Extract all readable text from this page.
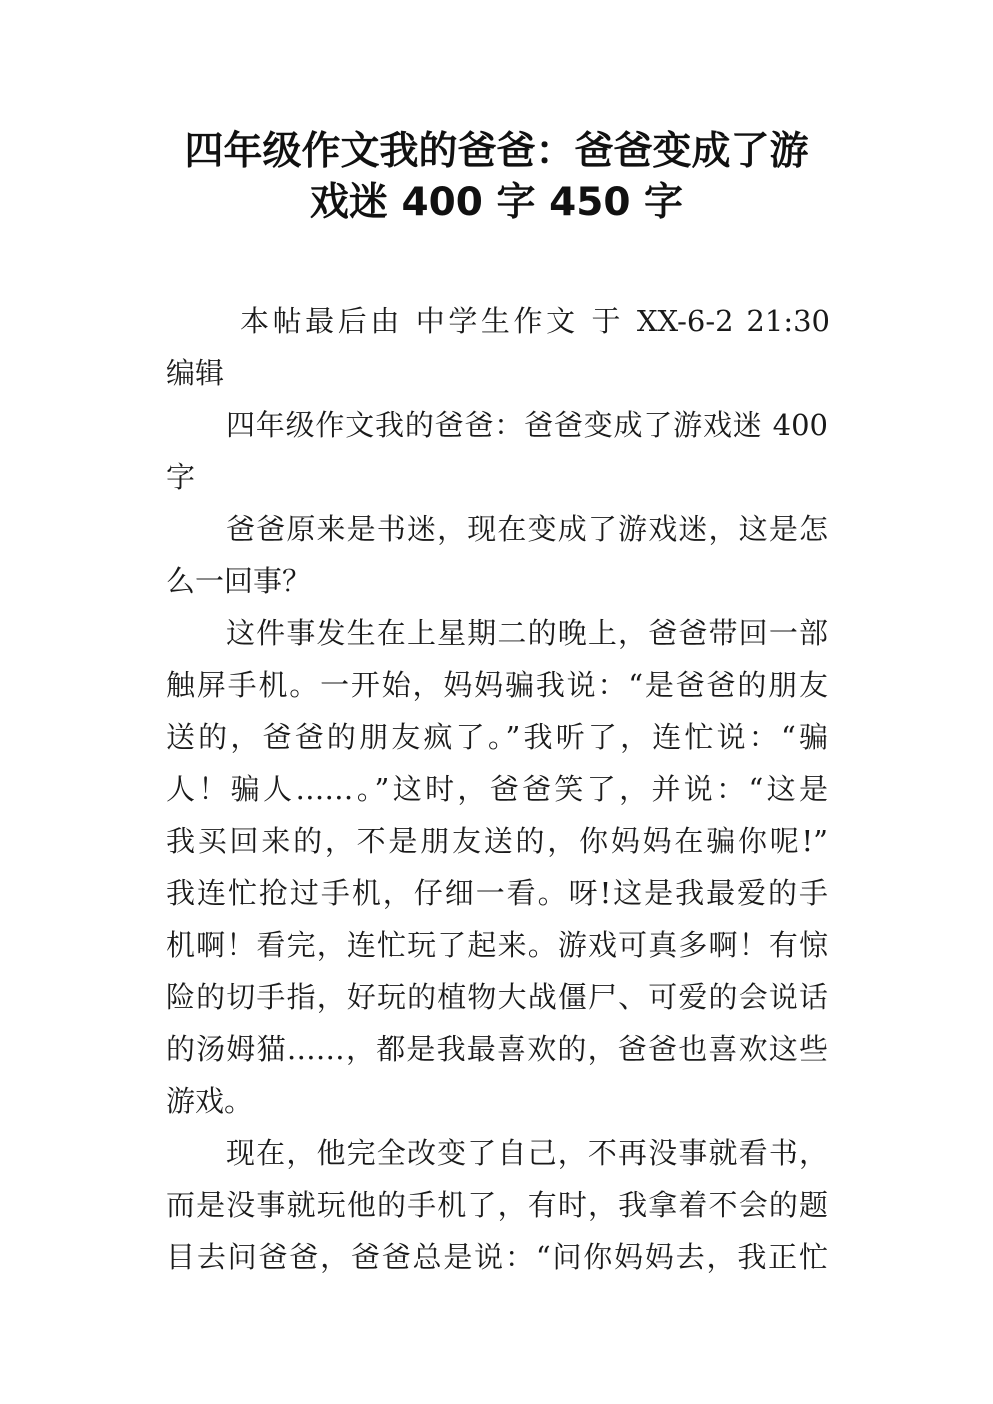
四年级作文我的爸爸：爸爸变成了游
戏迷 400 字 450 字
本帖最后由 中学生作文 于 XX-6-2 21:30
编辑
四年级作文我的爸爸：爸爸变成了游戏迷 400
字
爸爸原来是书迷，现在变成了游戏迷，这是怎
么一回事？
这件事发生在上星期二的晚上，爸爸带回一部
触屏手机。一开始，妈妈骗我说：“是爸爸的朋友
送的，爸爸的朋友疯了。”我听了，连忙说：“骗
人！骗人……。”这时，爸爸笑了，并说：“这是
我买回来的，不是朋友送的，你妈妈在骗你呢!”
我连忙抢过手机，仔细一看。呀!这是我最爱的手
机啊！看完，连忙玩了起来。游戏可真多啊！有惊
险的切手指，好玩的植物大战僵尸、可爱的会说话
的汤姆猫……，都是我最喜欢的，爸爸也喜欢这些
游戏。
现在，他完全改变了自己，不再没事就看书，
而是没事就玩他的手机了，有时，我拿着不会的题
目去问爸爸，爸爸总是说：“问你妈妈去，我正忙
